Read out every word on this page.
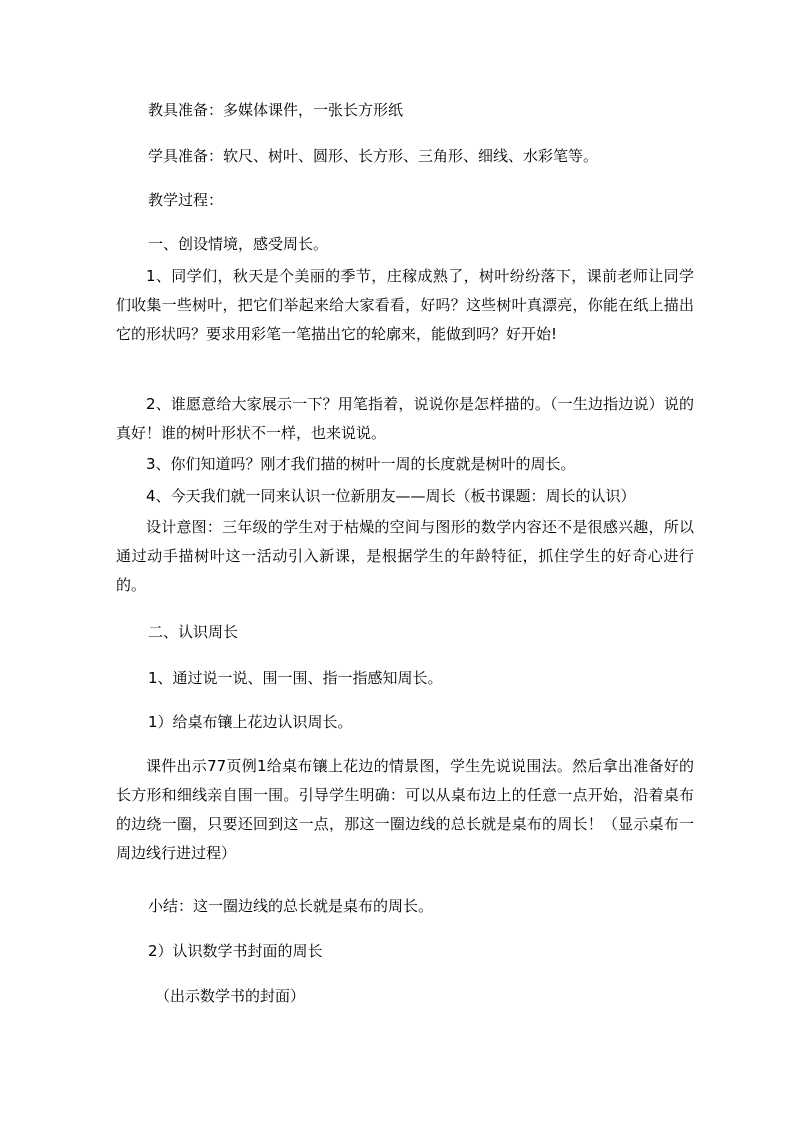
教具准备：多媒体课件，一张长方形纸

学具准备：软尺、树叶、圆形、长方形、三角形、细线、水彩笔等。

教学过程：

一、创设情境，感受周长。

1、同学们，秋天是个美丽的季节，庄稼成熟了，树叶纷纷落下，课前老师让同学们收集一些树叶，把它们举起来给大家看看，好吗？这些树叶真漂亮，你能在纸上描出它的形状吗？要求用彩笔一笔描出它的轮廓来，能做到吗？好开始!

2、谁愿意给大家展示一下？用笔指着，说说你是怎样描的。（一生边指边说）说的真好！谁的树叶形状不一样，也来说说。

3、你们知道吗？刚才我们描的树叶一周的长度就是树叶的周长。

4、今天我们就一同来认识一位新朋友——周长（板书课题：周长的认识）

设计意图：三年级的学生对于枯燥的空间与图形的数学内容还不是很感兴趣，所以通过动手描树叶这一活动引入新课，是根据学生的年龄特征，抓住学生的好奇心进行的。

二、认识周长

1、通过说一说、围一围、指一指感知周长。

1）给桌布镶上花边认识周长。

课件出示77页例1给桌布镶上花边的情景图，学生先说说围法。然后拿出准备好的长方形和细线亲自围一围。引导学生明确：可以从桌布边上的任意一点开始，沿着桌布的边绕一圈，只要还回到这一点，那这一圈边线的总长就是桌布的周长！（显示桌布一周边线行进过程）

小结：这一圈边线的总长就是桌布的周长。

2）认识数学书封面的周长

（出示数学书的封面）
